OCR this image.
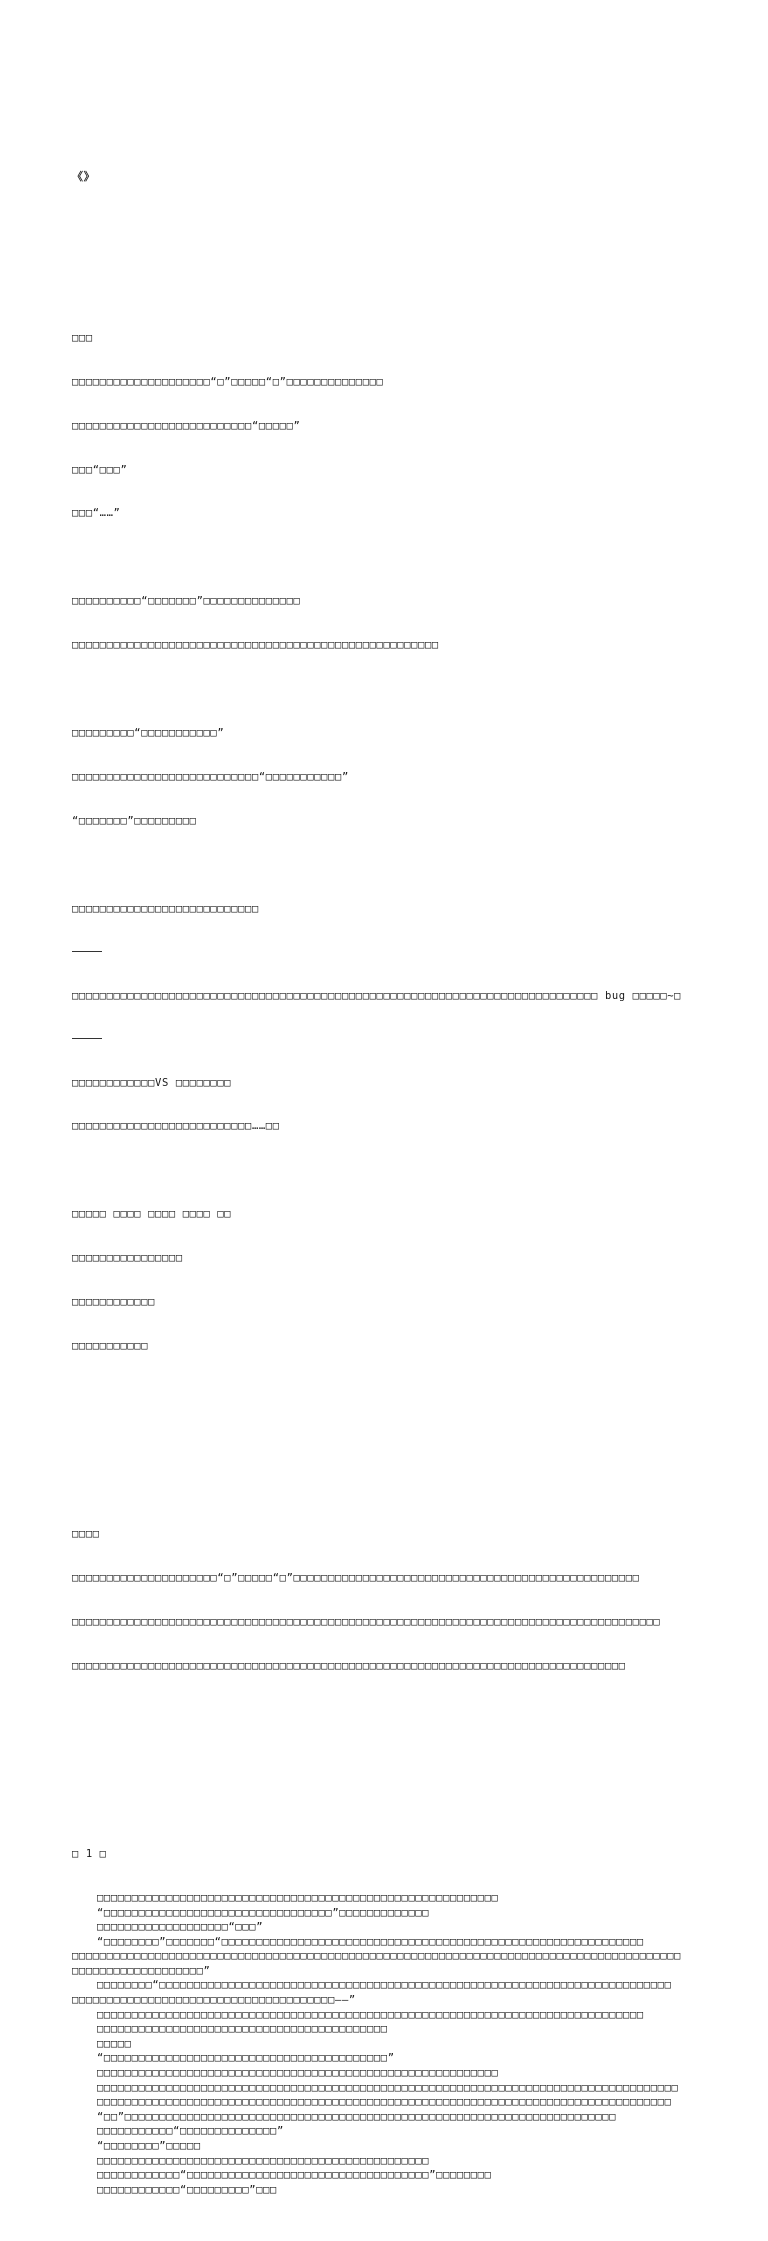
《》

□□□

□□□□□□□□□□□□□□□□□□□□“□”□□□□□“□”□□□□□□□□□□□□□□

□□□□□□□□□□□□□□□□□□□□□□□□□□“□□□□□”

□□□“□□□”

□□□“……”

□□□□□□□□□□“□□□□□□□”□□□□□□□□□□□□□□

□□□□□□□□□□□□□□□□□□□□□□□□□□□□□□□□□□□□□□□□□□□□□□□□□□□□□

□□□□□□□□□“□□□□□□□□□□□”

□□□□□□□□□□□□□□□□□□□□□□□□□□□“□□□□□□□□□□□”

“□□□□□□□”□□□□□□□□□

□□□□□□□□□□□□□□□□□□□□□□□□□□□

□□□□□□□□□□□□□□□□□□□□□□□□□□□□□□□□□□□□□□□□□□□□□□□□□□□□□□□□□□□□□□□□□□□□□□□□□□□□ bug □□□□□~□

□□□□□□□□□□□□VS □□□□□□□□

□□□□□□□□□□□□□□□□□□□□□□□□□□……□□

□□□□□ □□□□ □□□□ □□□□ □□

□□□□□□□□□□□□□□□□

□□□□□□□□□□□□

□□□□□□□□□□□

□□□□

□□□□□□□□□□□□□□□□□□□□□“□”□□□□□“□”□□□□□□□□□□□□□□□□□□□□□□□□□□□□□□□□□□□□□□□□□□□□□□□□□□

□□□□□□□□□□□□□□□□□□□□□□□□□□□□□□□□□□□□□□□□□□□□□□□□□□□□□□□□□□□□□□□□□□□□□□□□□□□□□□□□□□□□□

□□□□□□□□□□□□□□□□□□□□□□□□□□□□□□□□□□□□□□□□□□□□□□□□□□□□□□□□□□□□□□□□□□□□□□□□□□□□□□□□

□ 1 □

□□□□□□□□□□□□□□□□□□□□□□□□□□□□□□□□□□□□□□□□□□□□□□□□□□□□□□□□□□
“□□□□□□□□□□□□□□□□□□□□□□□□□□□□□□□□□”□□□□□□□□□□□□□
□□□□□□□□□□□□□□□□□□□“□□□”
“□□□□□□□□”□□□□□□□“□□□□□□□□□□□□□□□□□□□□□□□□□□□□□□□□□□□□□□□□□□□□□□□□□□□□□□□□□□□□□
□□□□□□□□□□□□□□□□□□□□□□□□□□□□□□□□□□□□□□□□□□□□□□□□□□□□□□□□□□□□□□□□□□□□□□□□□□□□□□□□□□□□□□□□
□□□□□□□□□□□□□□□□□□□”
□□□□□□□□“□□□□□□□□□□□□□□□□□□□□□□□□□□□□□□□□□□□□□□□□□□□□□□□□□□□□□□□□□□□□□□□□□□□□□□□□□□
□□□□□□□□□□□□□□□□□□□□□□□□□□□□□□□□□□□□□□——”
□□□□□□□□□□□□□□□□□□□□□□□□□□□□□□□□□□□□□□□□□□□□□□□□□□□□□□□□□□□□□□□□□□□□□□□□□□□□□□□
□□□□□□□□□□□□□□□□□□□□□□□□□□□□□□□□□□□□□□□□□□
□□□□□
“□□□□□□□□□□□□□□□□□□□□□□□□□□□□□□□□□□□□□□□□□”
□□□□□□□□□□□□□□□□□□□□□□□□□□□□□□□□□□□□□□□□□□□□□□□□□□□□□□□□□□
□□□□□□□□□□□□□□□□□□□□□□□□□□□□□□□□□□□□□□□□□□□□□□□□□□□□□□□□□□□□□□□□□□□□□□□□□□□□□□□□□□□□
□□□□□□□□□□□□□□□□□□□□□□□□□□□□□□□□□□□□□□□□□□□□□□□□□□□□□□□□□□□□□□□□□□□□□□□□□□□□□□□□□□□
“□□”□□□□□□□□□□□□□□□□□□□□□□□□□□□□□□□□□□□□□□□□□□□□□□□□□□□□□□□□□□□□□□□□□□□□□□□
□□□□□□□□□□□“□□□□□□□□□□□□□□”
“□□□□□□□□”□□□□□
□□□□□□□□□□□□□□□□□□□□□□□□□□□□□□□□□□□□□□□□□□□□□□□□
□□□□□□□□□□□□“□□□□□□□□□□□□□□□□□□□□□□□□□□□□□□□□□□□”□□□□□□□□
□□□□□□□□□□□□“□□□□□□□□□”□□□
